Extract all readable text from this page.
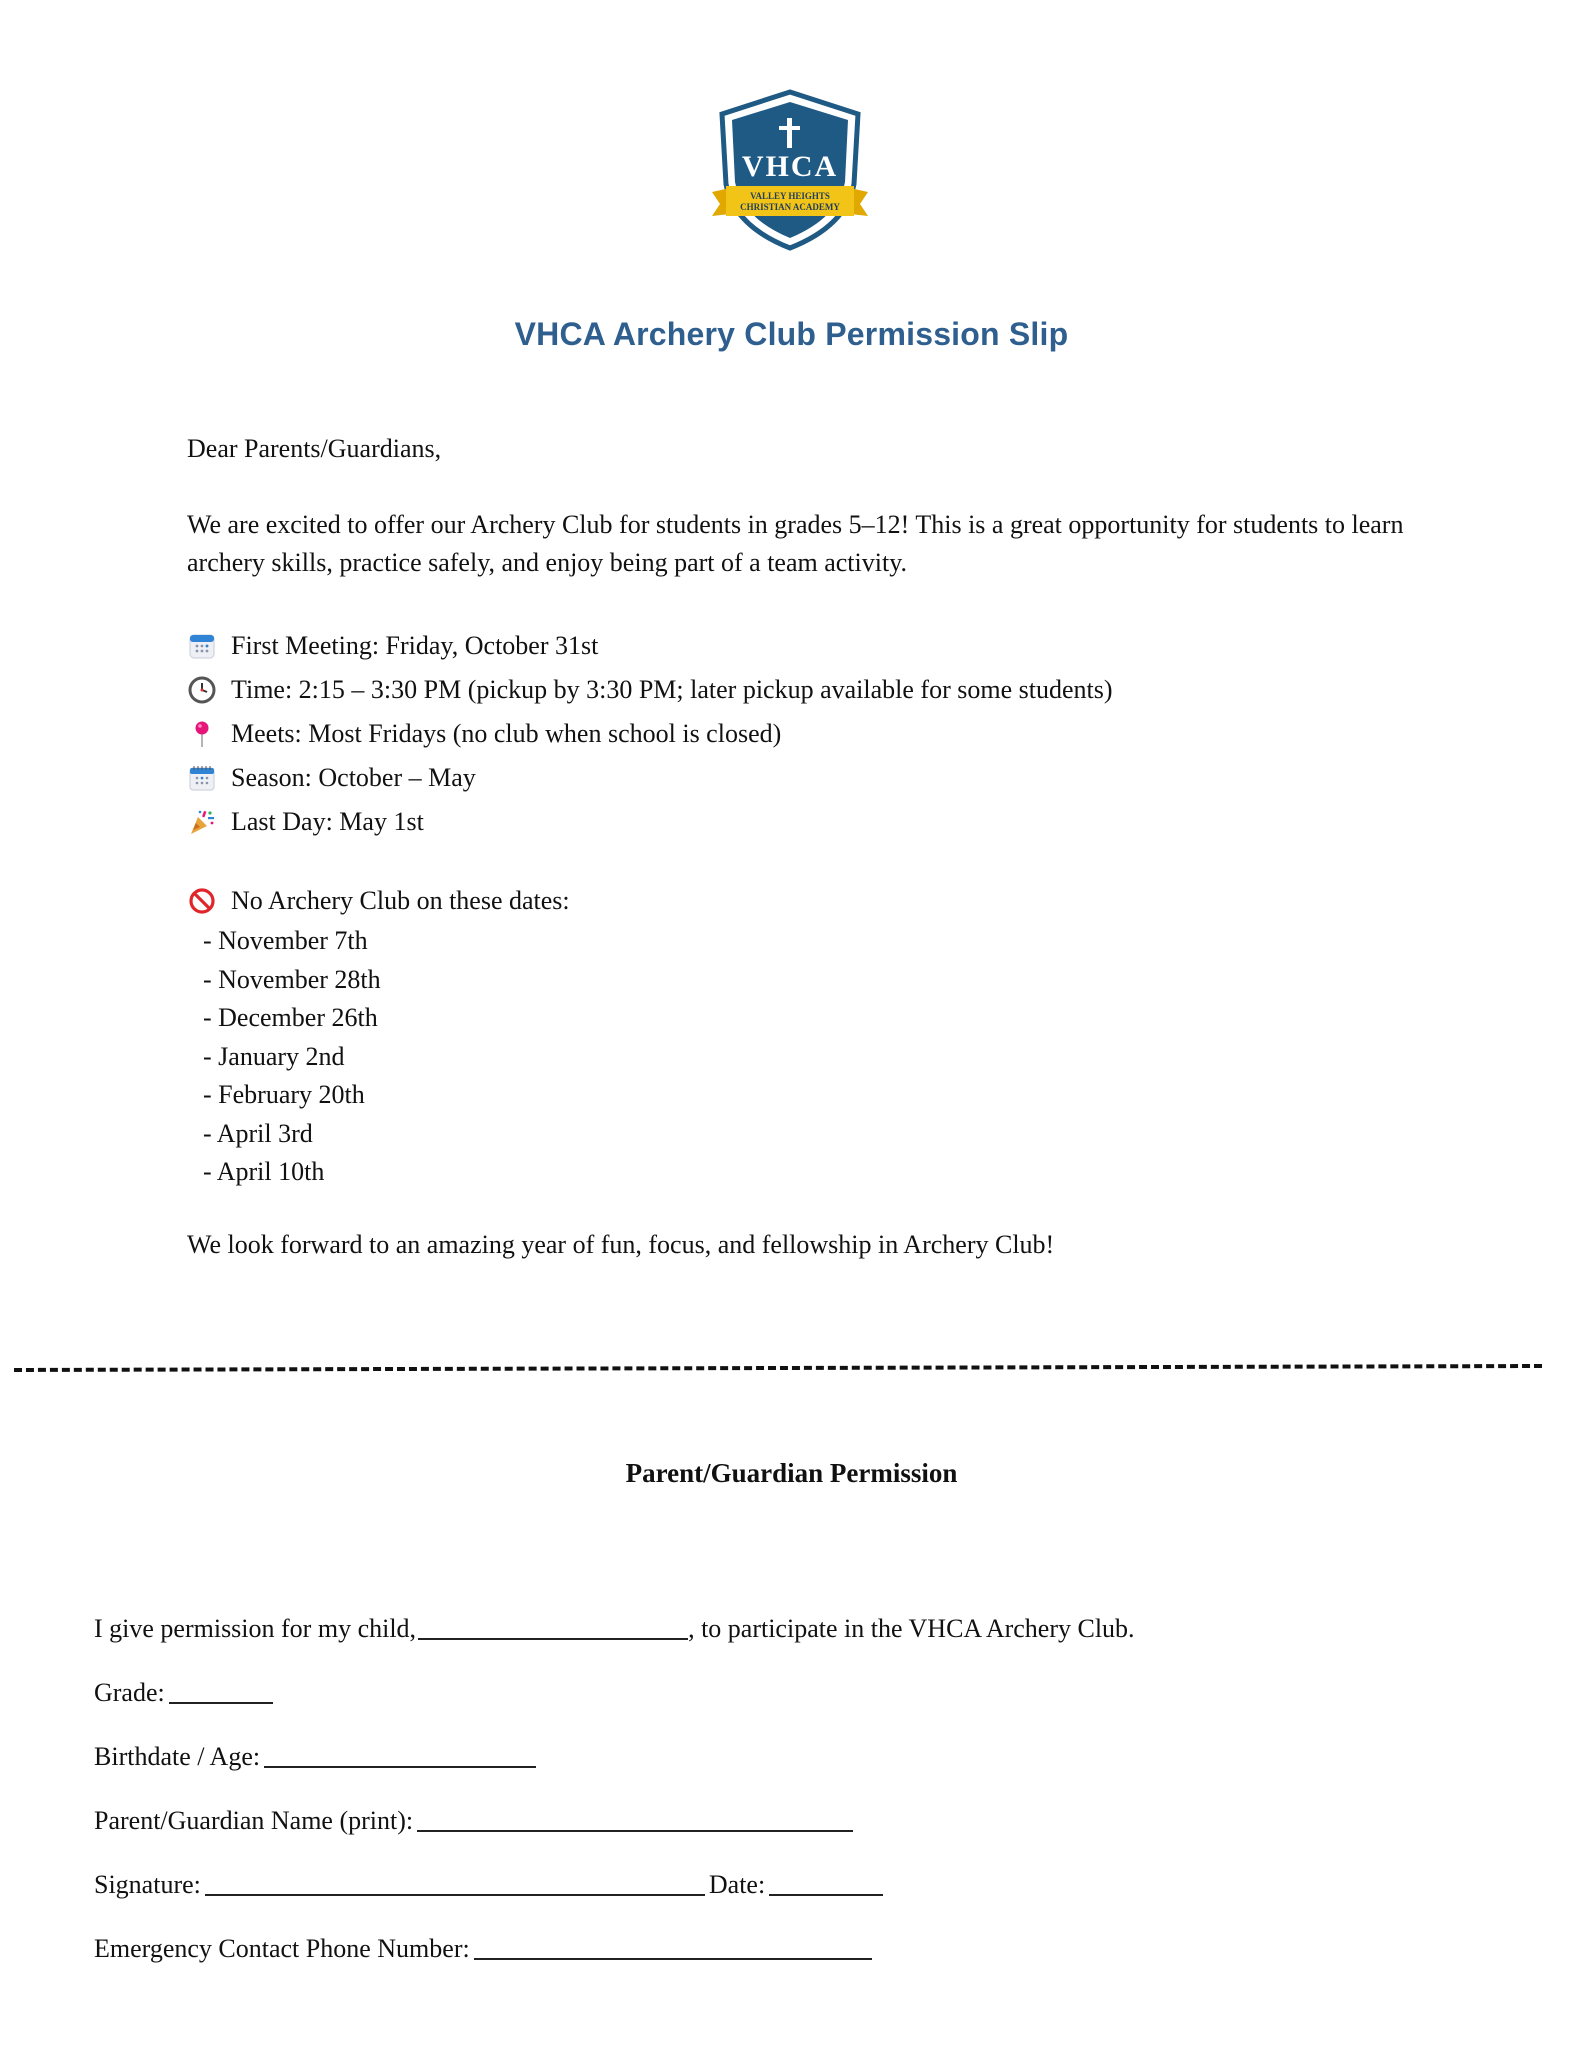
VHCA
VALLEY HEIGHTS
CHRISTIAN ACADEMY
VHCA Archery Club Permission Slip
Dear Parents/Guardians,
We are excited to offer our Archery Club for students in grades 5–12! This is a great opportunity for students to learn archery skills, practice safely, and enjoy being part of a team activity.
First Meeting: Friday, October 31st
Time: 2:15 – 3:30 PM (pickup by 3:30 PM; later pickup available for some students)
Meets: Most Fridays (no club when school is closed)
Season: October – May
Last Day: May 1st
No Archery Club on these dates:
- November 7th
- November 28th
- December 26th
- January 2nd
- February 20th
- April 3rd
- April 10th
We look forward to an amazing year of fun, focus, and fellowship in Archery Club!
Parent/Guardian Permission
I give permission for my child,	, to participate in the VHCA Archery Club.
Grade:
Birthdate / Age:
Parent/Guardian Name (print):
Signature:	Date:
Emergency Contact Phone Number:
